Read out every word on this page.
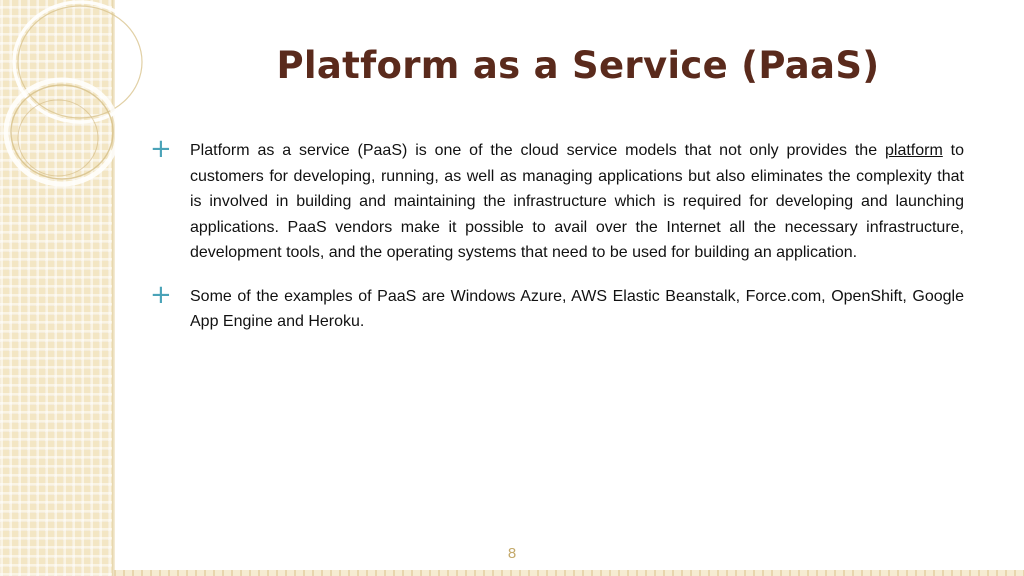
Platform as a Service (PaaS)
+ Platform as a service (PaaS) is one of the cloud service models that not only provides the platform to customers for developing, running, as well as managing applications but also eliminates the complexity that is involved in building and maintaining the infrastructure which is required for developing and launching applications. PaaS vendors make it possible to avail over the Internet all the necessary infrastructure, development tools, and the operating systems that need to be used for building an application.

+ Some of the examples of PaaS are Windows Azure, AWS Elastic Beanstalk, Force.com, OpenShift, Google App Engine and Heroku.

8
